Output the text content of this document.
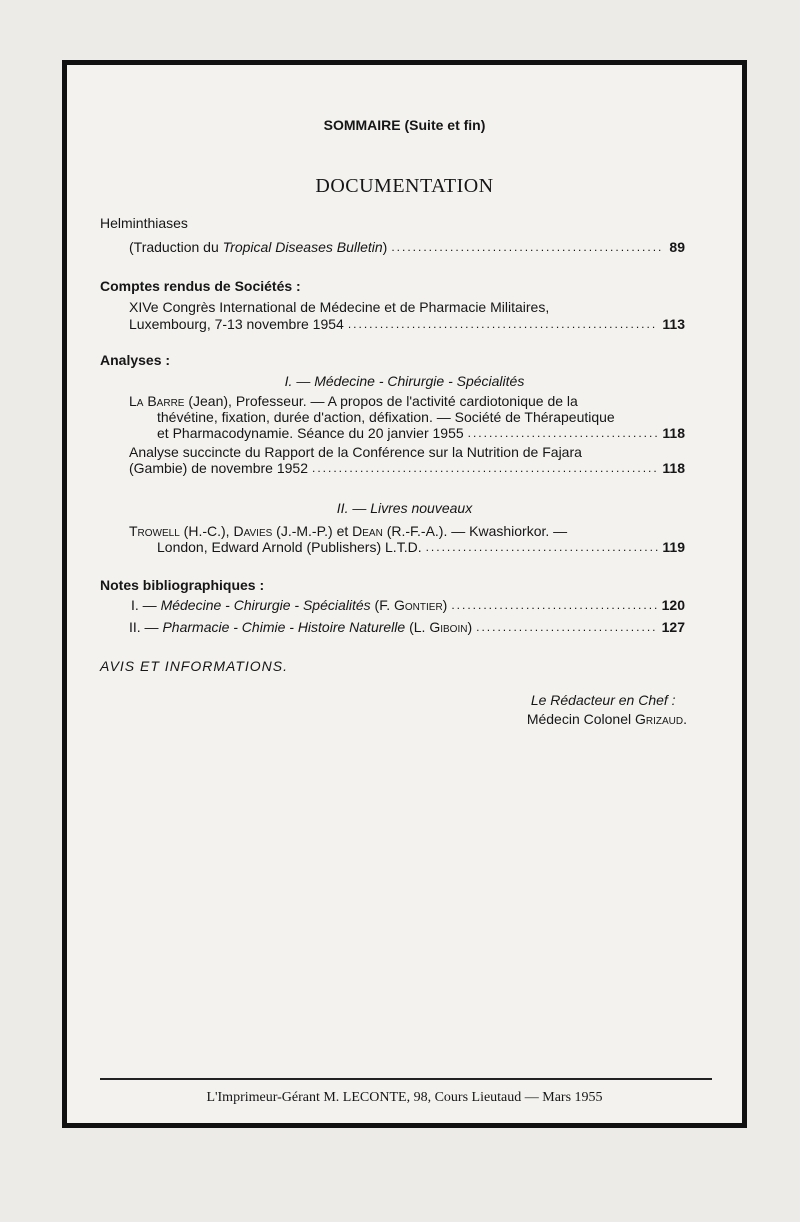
SOMMAIRE (Suite et fin)
DOCUMENTATION
Helminthiases
(Traduction du Tropical Diseases Bulletin) .....	89
Comptes rendus de Sociétés :
XIVe Congrès International de Médecine et de Pharmacie Militaires,
Luxembourg, 7-13 novembre 1954 .....	113
Analyses :
I. — Médecine - Chirurgie - Spécialités
La Barre (Jean), Professeur. — A propos de l'activité cardiotonique de la
thévétine, fixation, durée d'action, défixation. — Société de Thérapeutique
et Pharmacodynamie. Séance du 20 janvier 1955 .....	118
Analyse succincte du Rapport de la Conférence sur la Nutrition de Fajara
(Gambie) de novembre 1952 .....	118
II. — Livres nouveaux
Trowell (H.-C.), Davies (J.-M.-P.) et Dean (R.-F.-A.). — Kwashiorkor. —
London, Edward Arnold (Publishers) L.T.D. .....	119
Notes bibliographiques :
I. — Médecine - Chirurgie - Spécialités (F. Gontier) .....	120
II. — Pharmacie - Chimie - Histoire Naturelle (L. Giboin) .....	127
AVIS ET INFORMATIONS.
Le Rédacteur en Chef :
Médecin Colonel Grizaud.
L'Imprimeur-Gérant M. LECONTE, 98, Cours Lieutaud — Mars 1955
